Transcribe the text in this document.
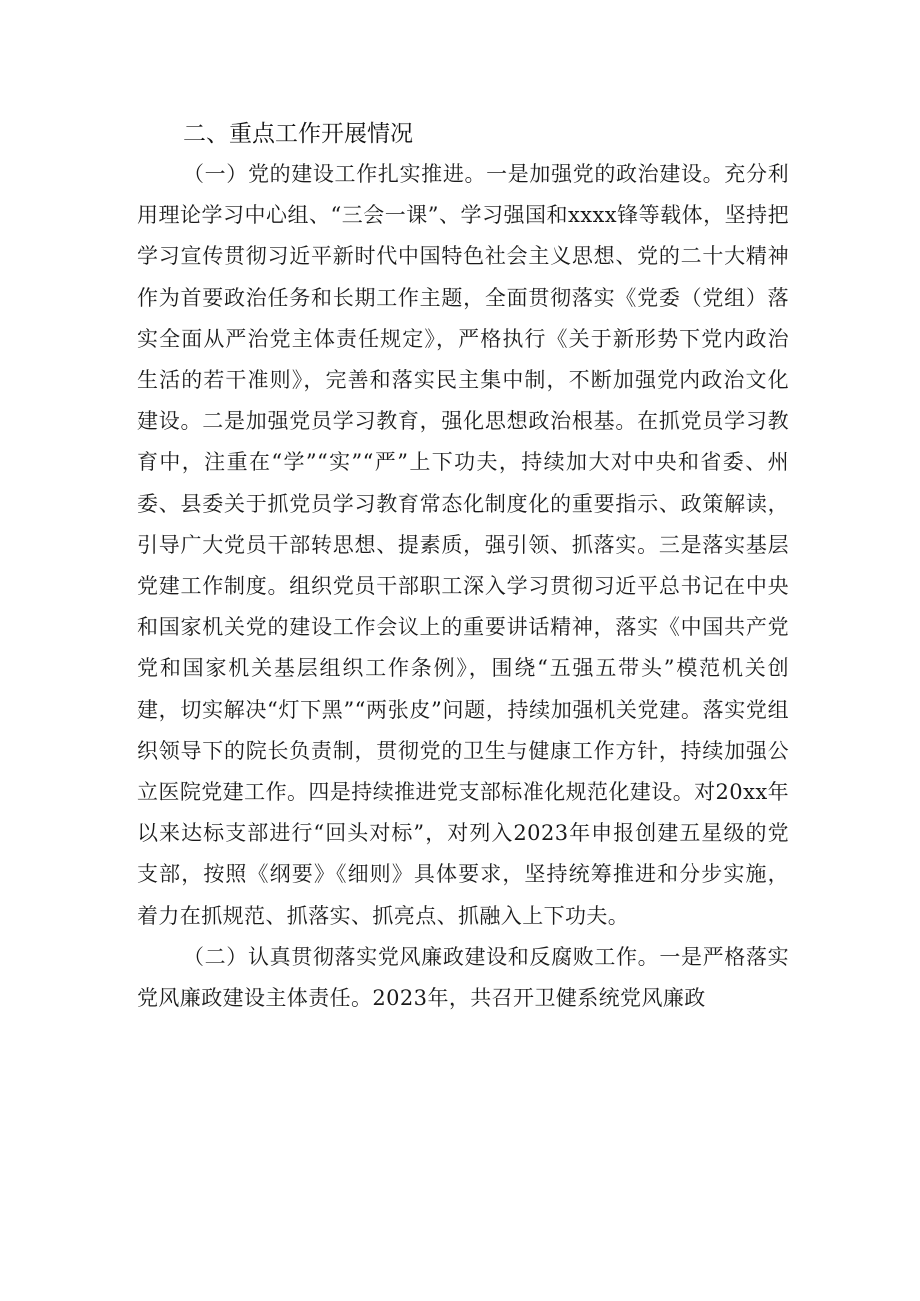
二、重点工作开展情况

（一）党的建设工作扎实推进。一是加强党的政治建设。充分利用理论学习中心组、“三会一课”、学习强国和xxxx锋等载体，坚持把学习宣传贯彻习近平新时代中国特色社会主义思想、党的二十大精神作为首要政治任务和长期工作主题，全面贯彻落实《党委（党组）落实全面从严治党主体责任规定》，严格执行《关于新形势下党内政治生活的若干准则》，完善和落实民主集中制，不断加强党内政治文化建设。二是加强党员学习教育，强化思想政治根基。在抓党员学习教育中，注重在“学”“实”“严”上下功夫，持续加大对中央和省委、州委、县委关于抓党员学习教育常态化制度化的重要指示、政策解读，引导广大党员干部转思想、提素质，强引领、抓落实。三是落实基层党建工作制度。组织党员干部职工深入学习贯彻习近平总书记在中央和国家机关党的建设工作会议上的重要讲话精神，落实《中国共产党党和国家机关基层组织工作条例》，围绕“五强五带头”模范机关创建，切实解决“灯下黑”“两张皮”问题，持续加强机关党建。落实党组织领导下的院长负责制，贯彻党的卫生与健康工作方针，持续加强公立医院党建工作。四是持续推进党支部标准化规范化建设。对20xx年以来达标支部进行“回头对标”，对列入2023年申报创建五星级的党支部，按照《纲要》《细则》具体要求，坚持统筹推进和分步实施，着力在抓规范、抓落实、抓亮点、抓融入上下功夫。

（二）认真贯彻落实党风廉政建设和反腐败工作。一是严格落实党风廉政建设主体责任。2023年，共召开卫健系统党风廉政
